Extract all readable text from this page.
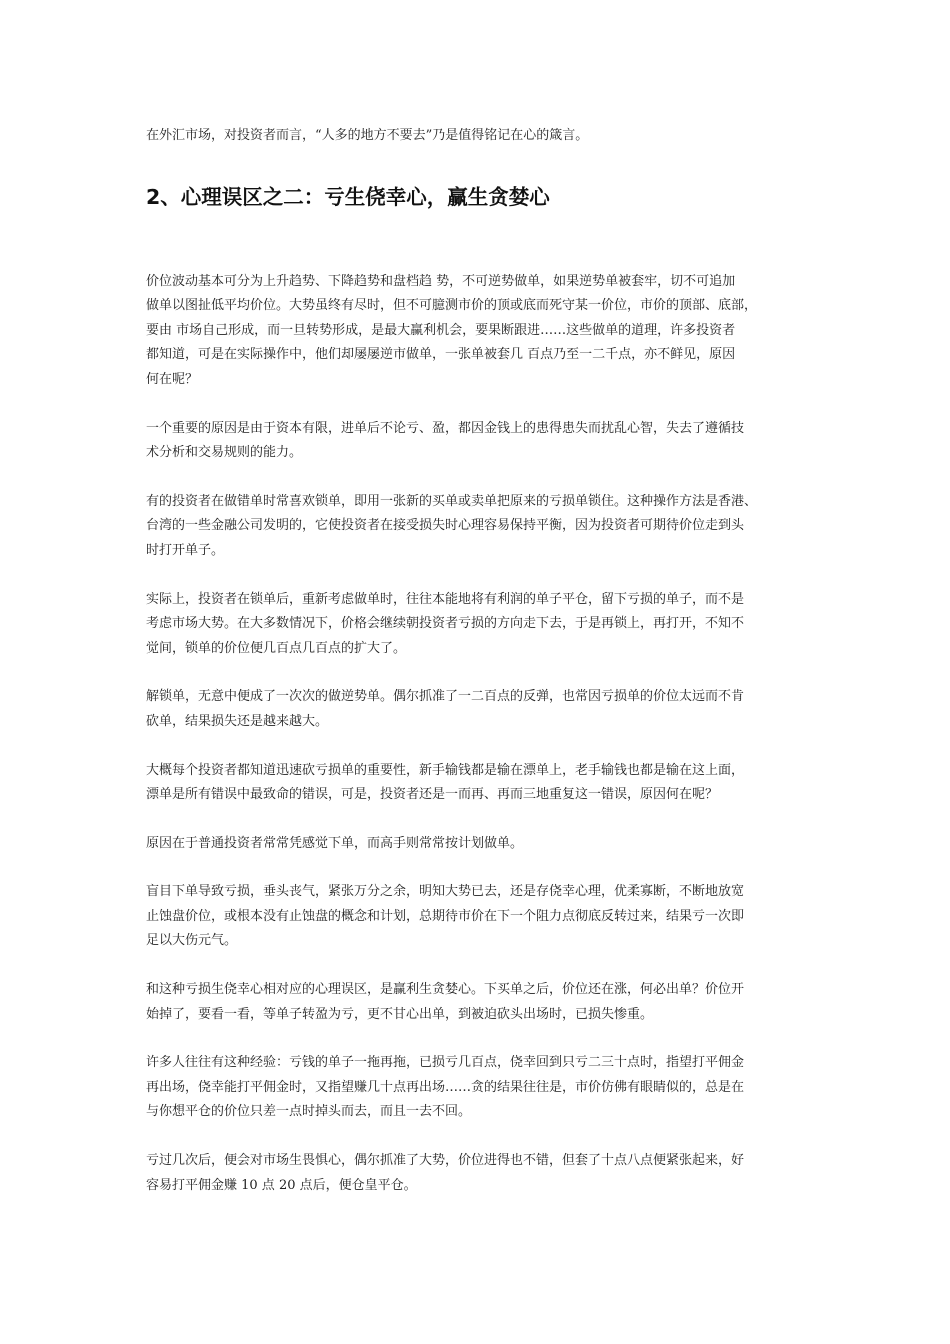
在外汇市场，对投资者而言，“人多的地方不要去”乃是值得铭记在心的箴言。

2、心理误区之二：亏生侥幸心，赢生贪婪心

价位波动基本可分为上升趋势、下降趋势和盘档趋 势，不可逆势做单，如果逆势单被套牢，切不可追加
做单以图扯低平均价位。大势虽终有尽时，但不可臆测市价的顶或底而死守某一价位，市价的顶部、底部，
要由 市场自己形成，而一旦转势形成，是最大赢利机会，要果断跟进……这些做单的道理，许多投资者
都知道，可是在实际操作中，他们却屡屡逆市做单，一张单被套几 百点乃至一二千点，亦不鲜见，原因
何在呢？

一个重要的原因是由于资本有限，进单后不论亏、盈，都因金钱上的患得患失而扰乱心智，失去了遵循技
术分析和交易规则的能力。

有的投资者在做错单时常喜欢锁单，即用一张新的买单或卖单把原来的亏损单锁住。这种操作方法是香港、
台湾的一些金融公司发明的，它使投资者在接受损失时心理容易保持平衡，因为投资者可期待价位走到头
时打开单子。

实际上，投资者在锁单后，重新考虑做单时，往往本能地将有利润的单子平仓，留下亏损的单子，而不是
考虑市场大势。在大多数情况下，价格会继续朝投资者亏损的方向走下去，于是再锁上，再打开，不知不
觉间，锁单的价位便几百点几百点的扩大了。

解锁单，无意中便成了一次次的做逆势单。偶尔抓准了一二百点的反弹，也常因亏损单的价位太远而不肯
砍单，结果损失还是越来越大。

大概每个投资者都知道迅速砍亏损单的重要性，新手输钱都是输在漂单上，老手输钱也都是输在这上面，
漂单是所有错误中最致命的错误，可是，投资者还是一而再、再而三地重复这一错误，原因何在呢？

原因在于普通投资者常常凭感觉下单，而高手则常常按计划做单。

盲目下单导致亏损，垂头丧气，紧张万分之余，明知大势已去，还是存侥幸心理，优柔寡断，不断地放宽
止蚀盘价位，或根本没有止蚀盘的概念和计划，总期待市价在下一个阻力点彻底反转过来，结果亏一次即
足以大伤元气。

和这种亏损生侥幸心相对应的心理误区，是赢利生贪婪心。下买单之后，价位还在涨，何必出单？价位开
始掉了，要看一看，等单子转盈为亏，更不甘心出单，到被迫砍头出场时，已损失惨重。

许多人往往有这种经验：亏钱的单子一拖再拖，已损亏几百点，侥幸回到只亏二三十点时，指望打平佣金
再出场，侥幸能打平佣金时，又指望赚几十点再出场……贪的结果往往是，市价仿佛有眼睛似的，总是在
与你想平仓的价位只差一点时掉头而去，而且一去不回。

亏过几次后，便会对市场生畏惧心，偶尔抓准了大势，价位进得也不错，但套了十点八点便紧张起来，好
容易打平佣金赚 10 点 20 点后，便仓皇平仓。
